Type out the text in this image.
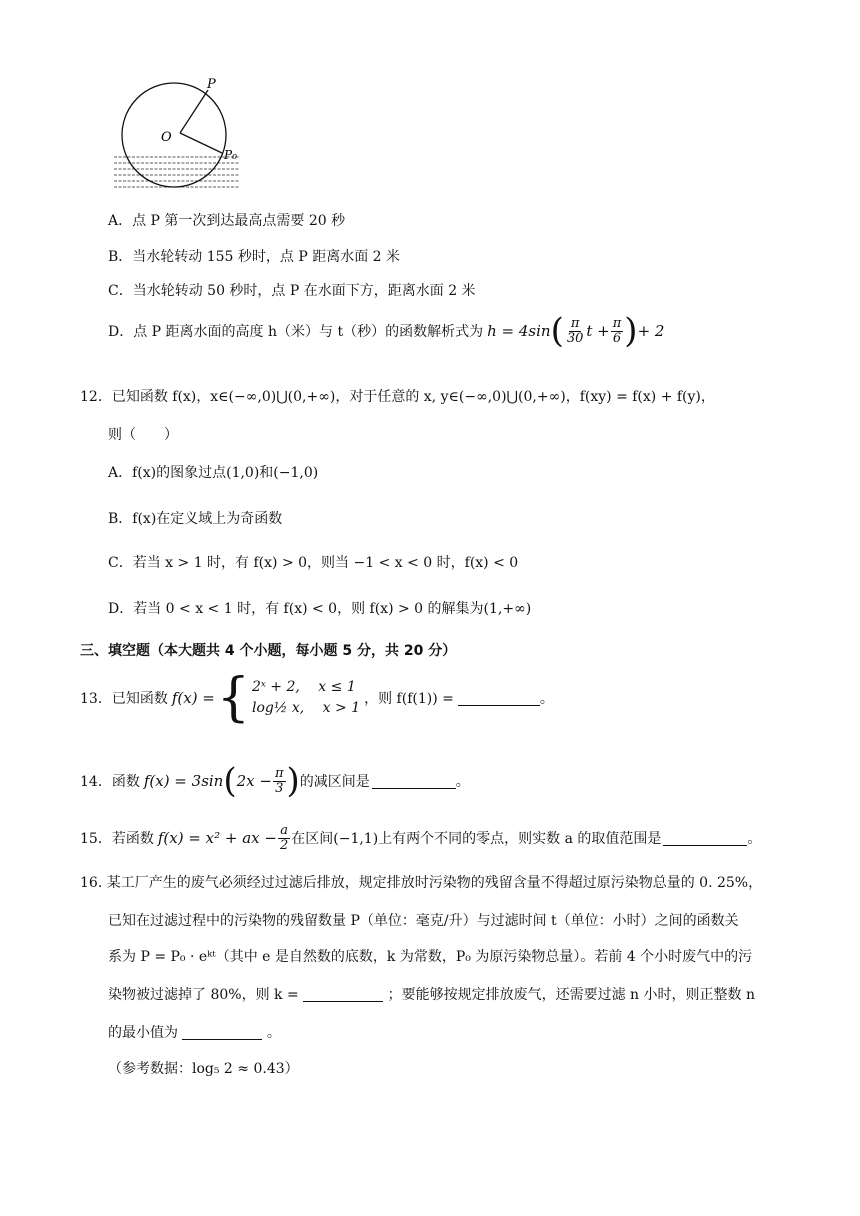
P
O
P₀
A．点 P 第一次到达最高点需要 20 秒
B．当水轮转动 155 秒时，点 P 距离水面 2 米
C．当水轮转动 50 秒时，点 P 在水面下方，距离水面 2 米
D．点 P 距离水面的高度 h（米）与 t（秒）的函数解析式为 h = 4sin ( $\frac{\pi}{30}$ $t + \frac{\pi}{6}$ ) + 2
12．已知函数 f(x)，x∈(−∞,0)⋃(0,+∞)，对于任意的 x, y∈(−∞,0)⋃(0,+∞)，f(xy) = f(x) + f(y)，
则（　　）
A．f(x)的图象过点(1,0)和(−1,0)
B．f(x)在定义域上为奇函数
C．若当 x > 1 时，有 f(x) > 0，则当 −1 < x < 0 时，f(x) < 0
D．若当 0 < x < 1 时，有 f(x) < 0，则 f(x) > 0 的解集为(1,+∞)
三、填空题（本大题共 4 个小题，每小题 5 分，共 20 分）
13．已知函数 f(x) = { 2ˣ + 2,　 x ≤ 1
log½ x,　 x > 1
，则 f(f(1)) =	。
14．函数 f(x) = 3sin ( $2x - \frac{\pi}{3}$ ) 的减区间是	。
15．若函数 f(x) = x² + ax − $\frac{a}{2}$ 在区间(−1,1)上有两个不同的零点，则实数 a 的取值范围是	。
16. 某工厂产生的废气必须经过过滤后排放，规定排放时污染物的残留含量不得超过原污染物总量的 0. 25%，
已知在过滤过程中的污染物的残留数量 P（单位：毫克/升）与过滤时间 t（单位：小时）之间的函数关
系为 P = P₀ · eᵏᵗ（其中 e 是自然数的底数，k 为常数，P₀ 为原污染物总量）。若前 4 个小时废气中的污
染物被过滤掉了 80%，则 k =	；要能够按规定排放废气，还需要过滤 n 小时，则正整数 n
的最小值为	。
（参考数据：log₅ 2 ≈ 0.43）
